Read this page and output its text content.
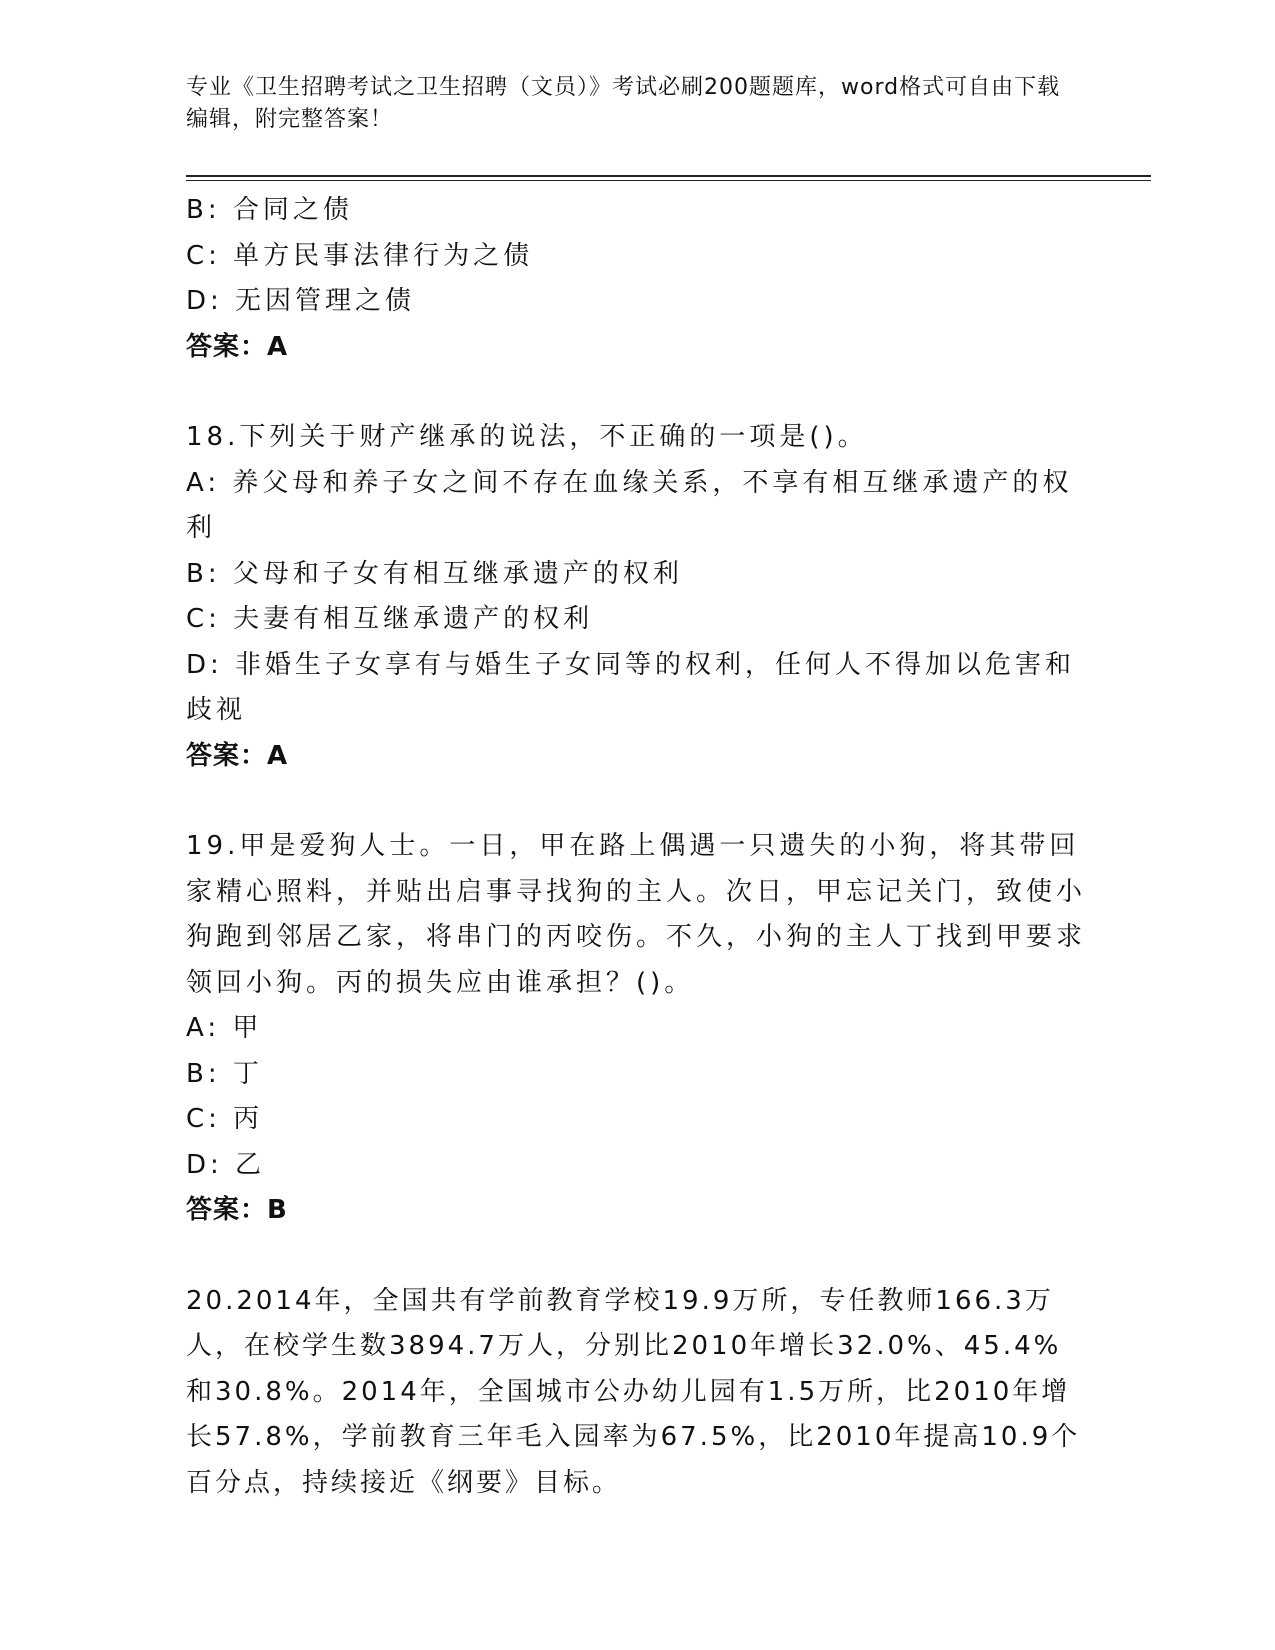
专业《卫生招聘考试之卫生招聘（文员）》考试必刷200题题库，word格式可自由下载编辑，附完整答案！

B: 合同之债

C: 单方民事法律行为之债

D: 无因管理之债

答案：A

18.下列关于财产继承的说法，不正确的一项是()。

A: 养父母和养子女之间不存在血缘关系，不享有相互继承遗产的权利

B: 父母和子女有相互继承遗产的权利

C: 夫妻有相互继承遗产的权利

D: 非婚生子女享有与婚生子女同等的权利，任何人不得加以危害和歧视

答案：A

19.甲是爱狗人士。一日，甲在路上偶遇一只遗失的小狗，将其带回家精心照料，并贴出启事寻找狗的主人。次日，甲忘记关门，致使小狗跑到邻居乙家，将串门的丙咬伤。不久，小狗的主人丁找到甲要求领回小狗。丙的损失应由谁承担？()。

A: 甲

B: 丁

C: 丙

D: 乙

答案：B

20.2014年，全国共有学前教育学校19.9万所，专任教师166.3万人，在校学生数3894.7万人，分别比2010年增长32.0%、45.4%和30.8%。2014年，全国城市公办幼儿园有1.5万所，比2010年增长57.8%，学前教育三年毛入园率为67.5%，比2010年提高10.9个百分点，持续接近《纲要》目标。
